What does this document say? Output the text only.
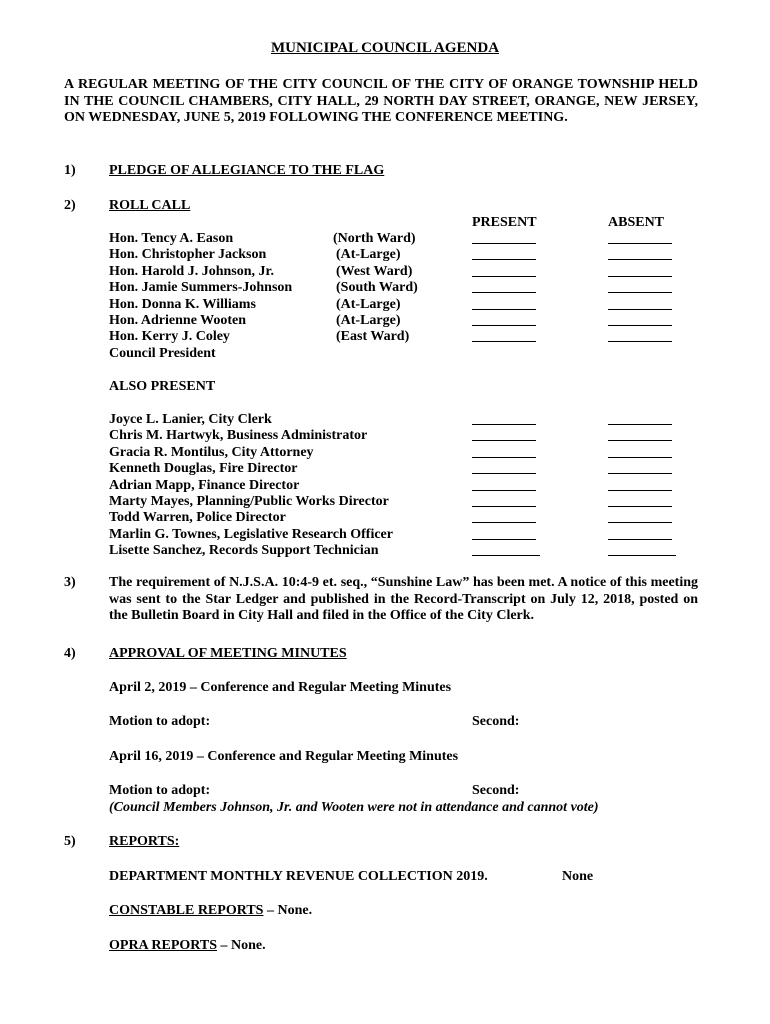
MUNICIPAL COUNCIL AGENDA
A REGULAR MEETING OF THE CITY COUNCIL OF THE CITY OF ORANGE TOWNSHIP HELD IN THE COUNCIL CHAMBERS, CITY HALL, 29 NORTH DAY STREET, ORANGE, NEW JERSEY, ON WEDNESDAY, JUNE 5, 2019 FOLLOWING THE CONFERENCE MEETING.
1) PLEDGE OF ALLEGIANCE TO THE FLAG
2) ROLL CALL
PRESENT	ABSENT
Hon. Tency A. Eason	(North Ward)
Hon. Christopher Jackson	(At-Large)
Hon. Harold J. Johnson, Jr.	(West Ward)
Hon. Jamie Summers-Johnson	(South Ward)
Hon. Donna K. Williams	(At-Large)
Hon. Adrienne Wooten	(At-Large)
Hon. Kerry J. Coley	(East Ward)
Council President
ALSO PRESENT
Joyce L. Lanier, City Clerk
Chris M. Hartwyk, Business Administrator
Gracia R. Montilus, City Attorney
Kenneth Douglas, Fire Director
Adrian Mapp, Finance Director
Marty Mayes, Planning/Public Works Director
Todd Warren, Police Director
Marlin G. Townes, Legislative Research Officer
Lisette Sanchez, Records Support Technician
3) The requirement of N.J.S.A. 10:4-9 et. seq., “Sunshine Law” has been met. A notice of this meeting was sent to the Star Ledger and published in the Record-Transcript on July 12, 2018, posted on the Bulletin Board in City Hall and filed in the Office of the City Clerk.
4) APPROVAL OF MEETING MINUTES
April 2, 2019 – Conference and Regular Meeting Minutes
Motion to adopt:	Second:
April 16, 2019 – Conference and Regular Meeting Minutes
Motion to adopt:	Second:
(Council Members Johnson, Jr. and Wooten were not in attendance and cannot vote)
5) REPORTS:
DEPARTMENT MONTHLY REVENUE COLLECTION 2019.	None
CONSTABLE REPORTS – None.
OPRA REPORTS – None.
